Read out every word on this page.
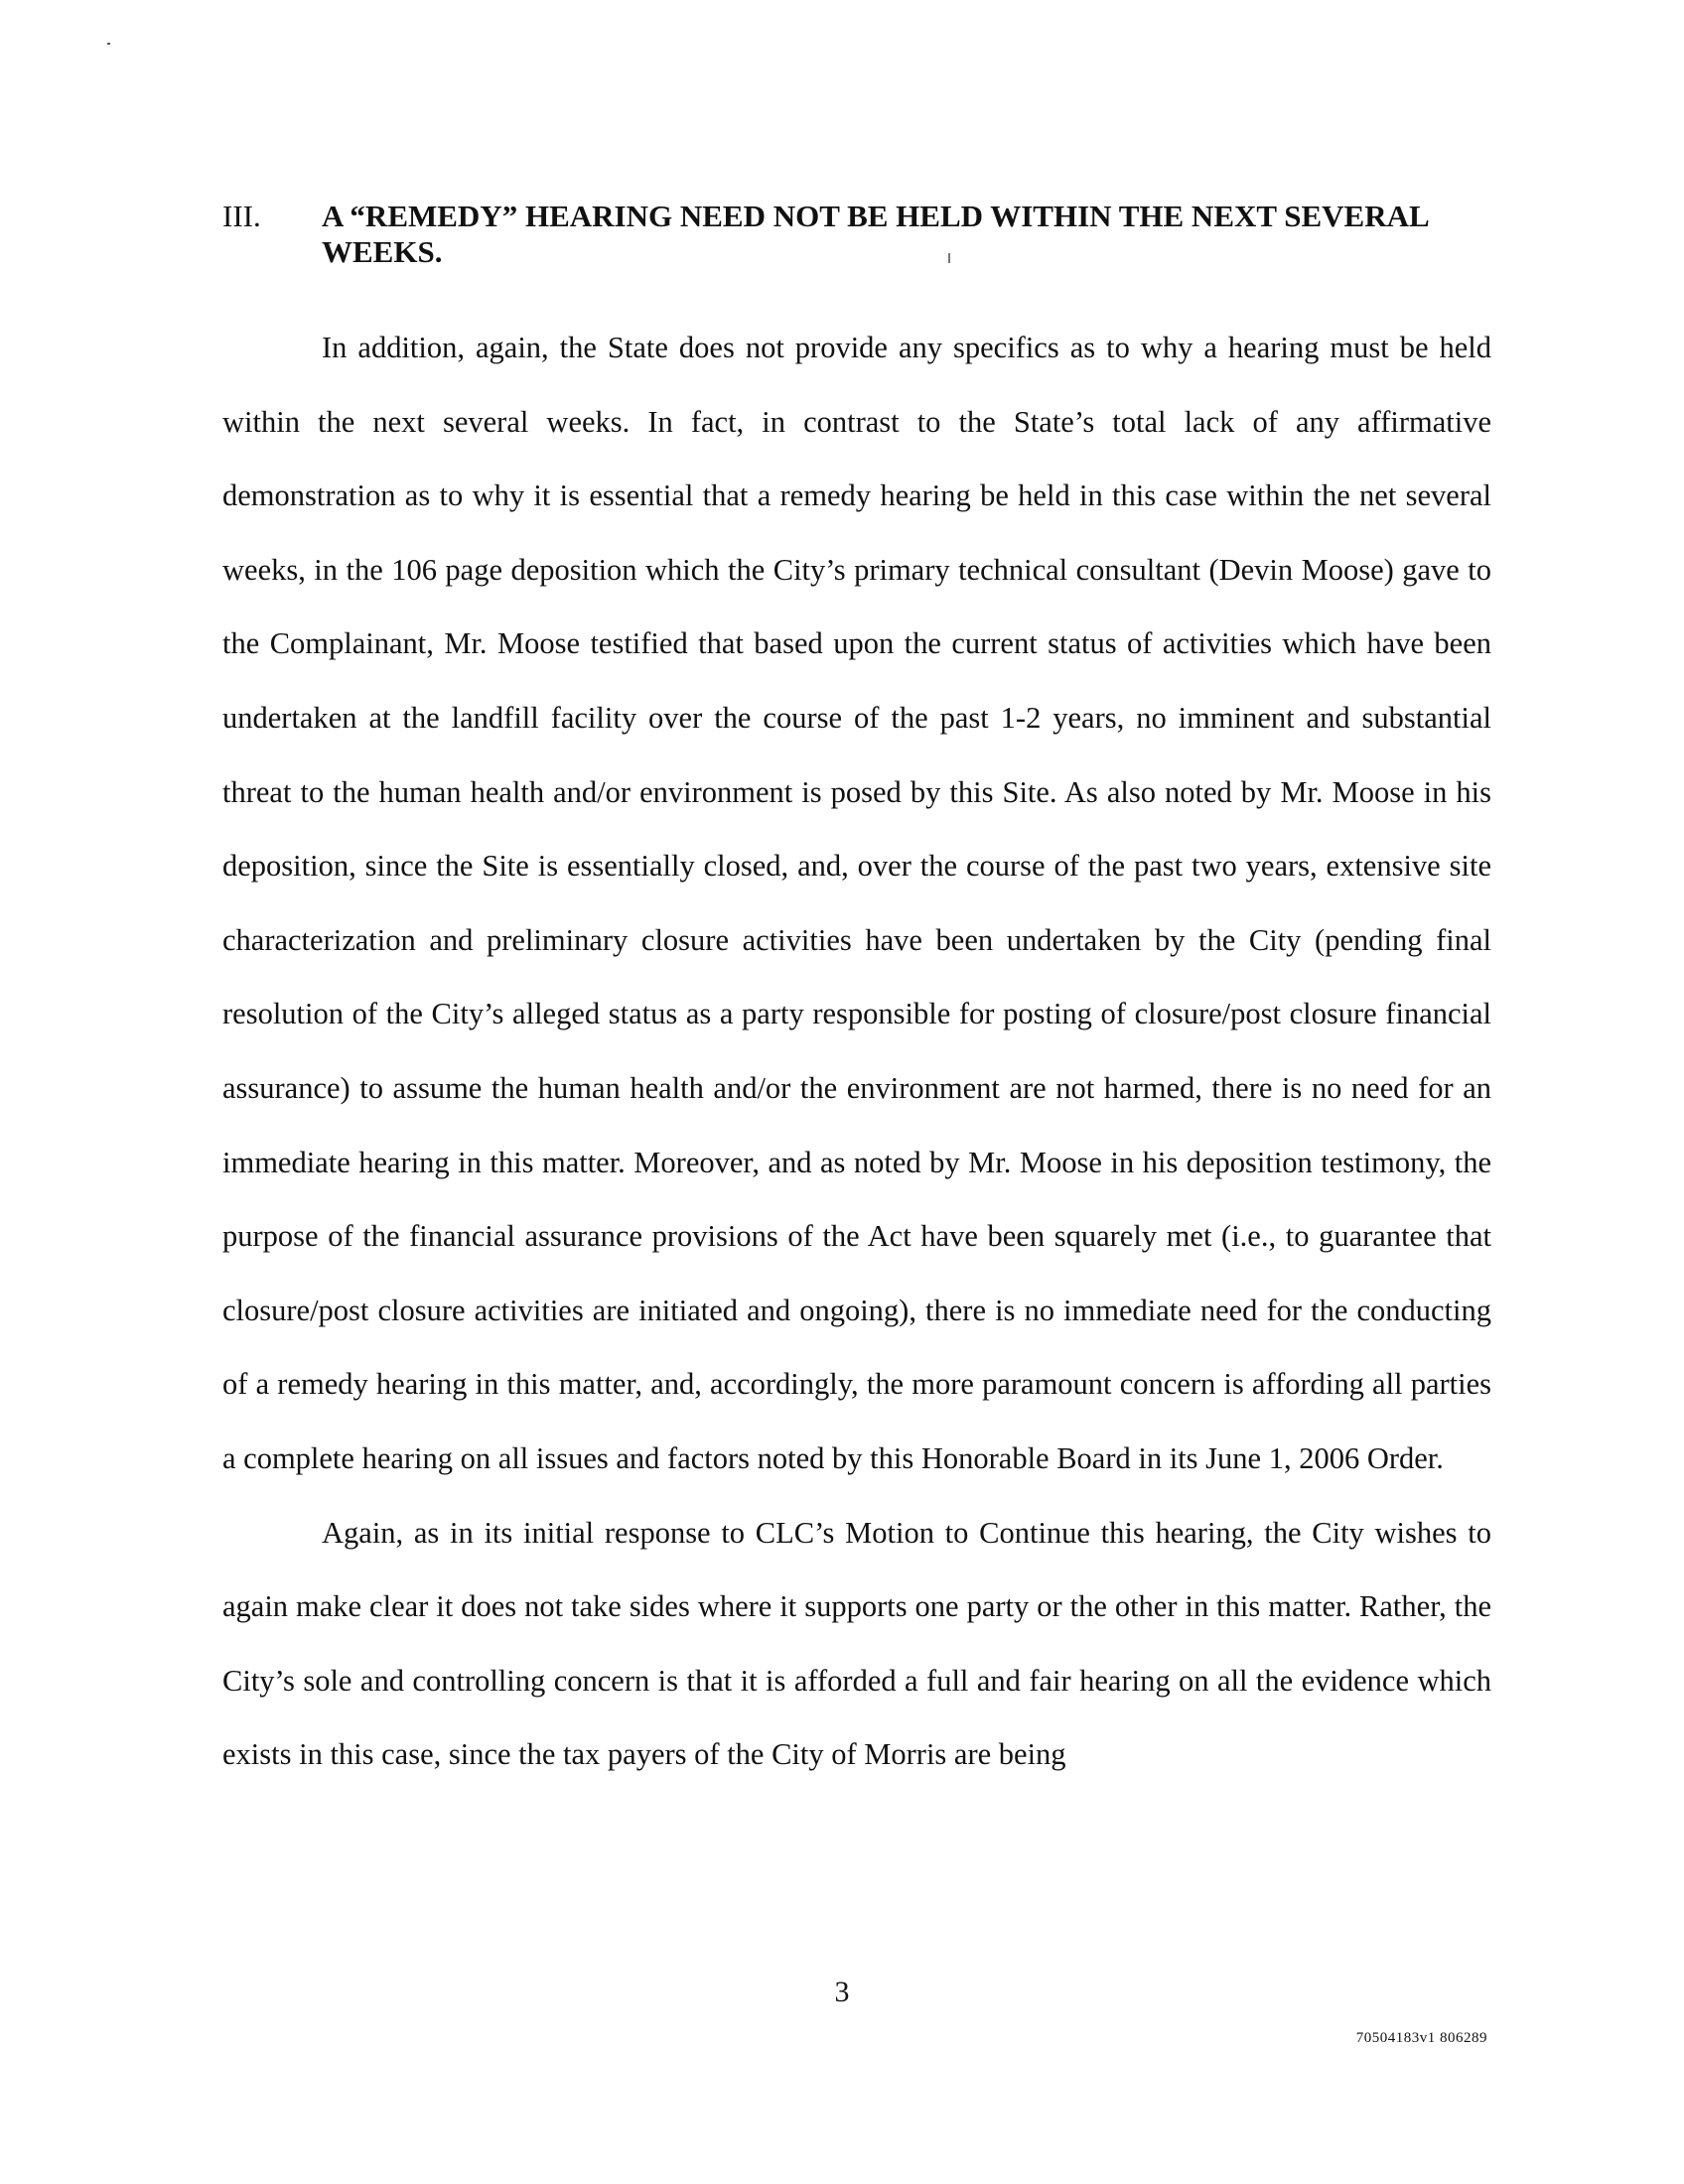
III. A “REMEDY” HEARING NEED NOT BE HELD WITHIN THE NEXT SEVERAL WEEKS.

In addition, again, the State does not provide any specifics as to why a hearing must be held within the next several weeks. In fact, in contrast to the State’s total lack of any affirmative demonstration as to why it is essential that a remedy hearing be held in this case within the net several weeks, in the 106 page deposition which the City’s primary technical consultant (Devin Moose) gave to the Complainant, Mr. Moose testified that based upon the current status of activities which have been undertaken at the landfill facility over the course of the past 1-2 years, no imminent and substantial threat to the human health and/or environment is posed by this Site. As also noted by Mr. Moose in his deposition, since the Site is essentially closed, and, over the course of the past two years, extensive site characterization and preliminary closure activities have been undertaken by the City (pending final resolution of the City’s alleged status as a party responsible for posting of closure/post closure financial assurance) to assume the human health and/or the environment are not harmed, there is no need for an immediate hearing in this matter. Moreover, and as noted by Mr. Moose in his deposition testimony, the purpose of the financial assurance provisions of the Act have been squarely met (i.e., to guarantee that closure/post closure activities are initiated and ongoing), there is no immediate need for the conducting of a remedy hearing in this matter, and, accordingly, the more paramount concern is affording all parties a complete hearing on all issues and factors noted by this Honorable Board in its June 1, 2006 Order.

Again, as in its initial response to CLC’s Motion to Continue this hearing, the City wishes to again make clear it does not take sides where it supports one party or the other in this matter. Rather, the City’s sole and controlling concern is that it is afforded a full and fair hearing on all the evidence which exists in this case, since the tax payers of the City of Morris are being

3
70504183v1 806289
